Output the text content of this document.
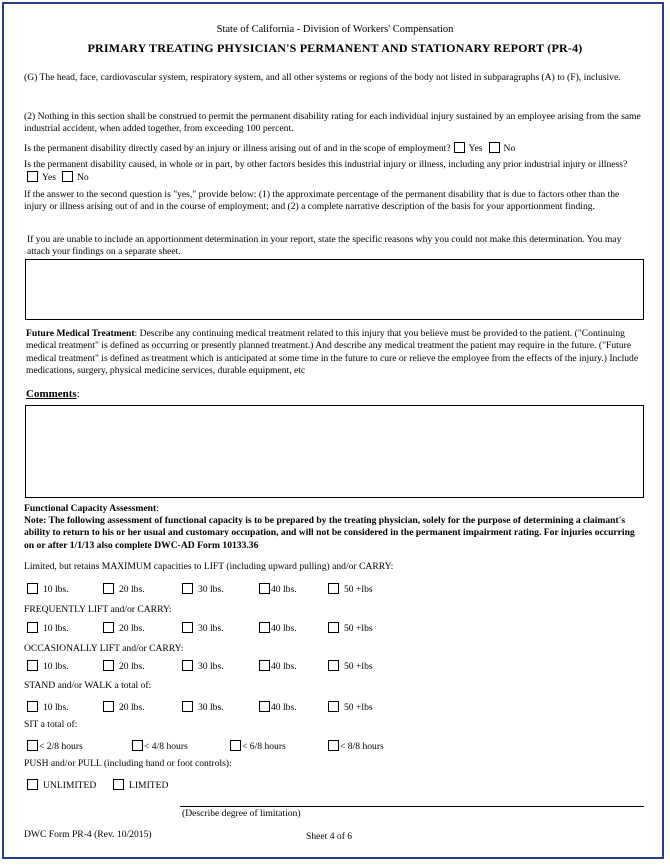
State of California - Division of Workers' Compensation
PRIMARY TREATING PHYSICIAN'S PERMANENT AND STATIONARY REPORT (PR-4)
(G) The head, face, cardiovascular system, respiratory system, and all other systems or regions of the body not listed in subparagraphs (A) to (F), inclusive.
(2) Nothing in this section shall be construed to permit the permanent disability rating for each individual injury sustained by an employee arising from the same industrial accident, when added together, from exceeding 100 percent.
Is the permanent disability directly cased by an injury or illness arising out of and in the scope of employment? Yes No
Is the permanent disability caused, in whole or in part, by other factors besides this industrial injury or illness, including any prior industrial injury or illness?Yes No
If the answer to the second question is "yes," provide below: (1) the approximate percentage of the permanent disability that is due to factors other than the injury or illness arising out of and in the course of employment; and (2) a complete narrative description of the basis for your apportionment finding.
If you are unable to include an apportionment determination in your report, state the specific reasons why you could not make this determination. You may attach your findings on a separate sheet.
Future Medical Treatment: Describe any continuing medical treatment related to this injury that you believe must be provided to the patient. ("Continuing medical treatment" is defined as occurring or presently planned treatment.) And describe any medical treatment the patient may require in the future. ("Future medical treatment" is defined as treatment which is anticipated at some time in the future to cure or relieve the employee from the effects of the injury.) Include medications, surgery, physical medicine services, durable equipment, etc
Comments:
Functional Capacity Assessment:
Note: The following assessment of functional capacity is to be prepared by the treating physician, solely for the purpose of determining a claimant's ability to return to his or her usual and customary occupation, and will not be considered in the permanent impairment rating. For injuries occurring on or after 1/1/13 also complete DWC-AD Form 10133.36
Limited, but retains MAXIMUM capacities to LIFT (including upward pulling) and/or CARRY:
10 lbs.	20 lbs.	30 lbs.	40 lbs.	50 +lbs
FREQUENTLY LIFT and/or CARRY:
10 lbs.	20 lbs.	30 lbs.	40 lbs.	50 +lbs
OCCASIONALLY LIFT and/or CARRY:
10 lbs.	20 lbs.	30 lbs.	40 lbs.	50 +lbs
STAND and/or WALK a total of:
10 lbs.	20 lbs.	30 lbs.	40 lbs.	50 +lbs
SIT a total of:
< 2/8 hours	< 4/8 hours	< 6/8 hours	< 8/8 hours
PUSH and/or PULL (including hand or foot controls):
UNLIMITED	LIMITED
(Describe degree of limitation)
DWC Form PR-4 (Rev. 10/2015)	Sheet 4 of 6
